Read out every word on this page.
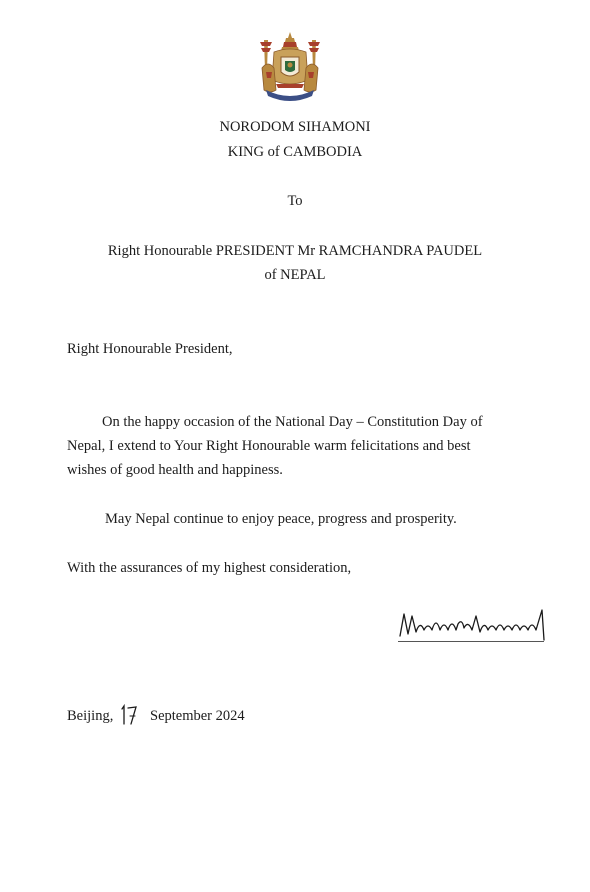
NORODOM SIHAMONI
KING of CAMBODIA
To
Right Honourable PRESIDENT Mr RAMCHANDRA PAUDEL
of NEPAL
Right Honourable President,
On the happy occasion of the National Day – Constitution Day of
Nepal, I extend to Your Right Honourable warm felicitations and best
wishes of good health and happiness.
May Nepal continue to enjoy peace, progress and prosperity.
With the assurances of my highest consideration,
Beijing,	September 2024
